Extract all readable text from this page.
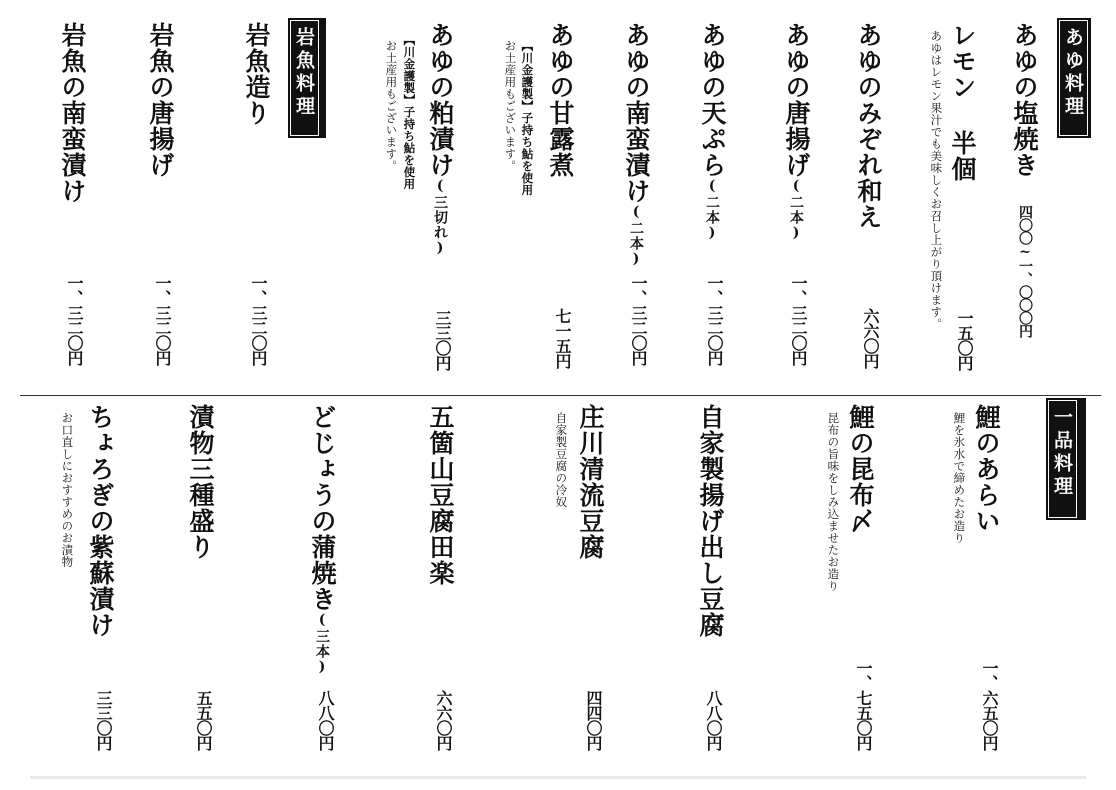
あゆ料理
あゆの塩焼き
四〇〇~一、〇〇〇円
あゆはレモン果汁でも美味しくお召し上がり頂けます。 レモン 半個
一五〇円
あゆのみぞれ和え
六六〇円
あゆの唐揚げ(二本)
一、三二〇円
あゆの天ぷら(二本)
一、三二〇円
あゆの南蛮漬け(二本)
一、三二〇円
あゆの甘露煮
【川金護製】子持ち鮎を使用
お土産用もございます。
七一五円
あゆの粕漬け(三切れ)
【川金護製】子持ち鮎を使用
お土産用もございます。
三三〇円
岩魚料理
岩魚造り
一、三二〇円
岩魚の唐揚げ
一、三二〇円
岩魚の南蛮漬け
一、三二〇円
一品料理
鯉のあらい
鯉を氷水で締めたお造り
一、六五〇円
鯉の昆布〆
昆布の旨味をしみ込ませたお造り
一、七五〇円
自家製揚げ出し豆腐
八八〇円
庄川清流豆腐
自家製豆腐の冷奴
四四〇円
五箇山豆腐田楽
六六〇円
どじょうの蒲焼き(三本)
八八〇円
漬物三種盛り
五五〇円
ちょろぎの紫蘇漬け
お口直しにおすすめのお漬物
三三〇円
